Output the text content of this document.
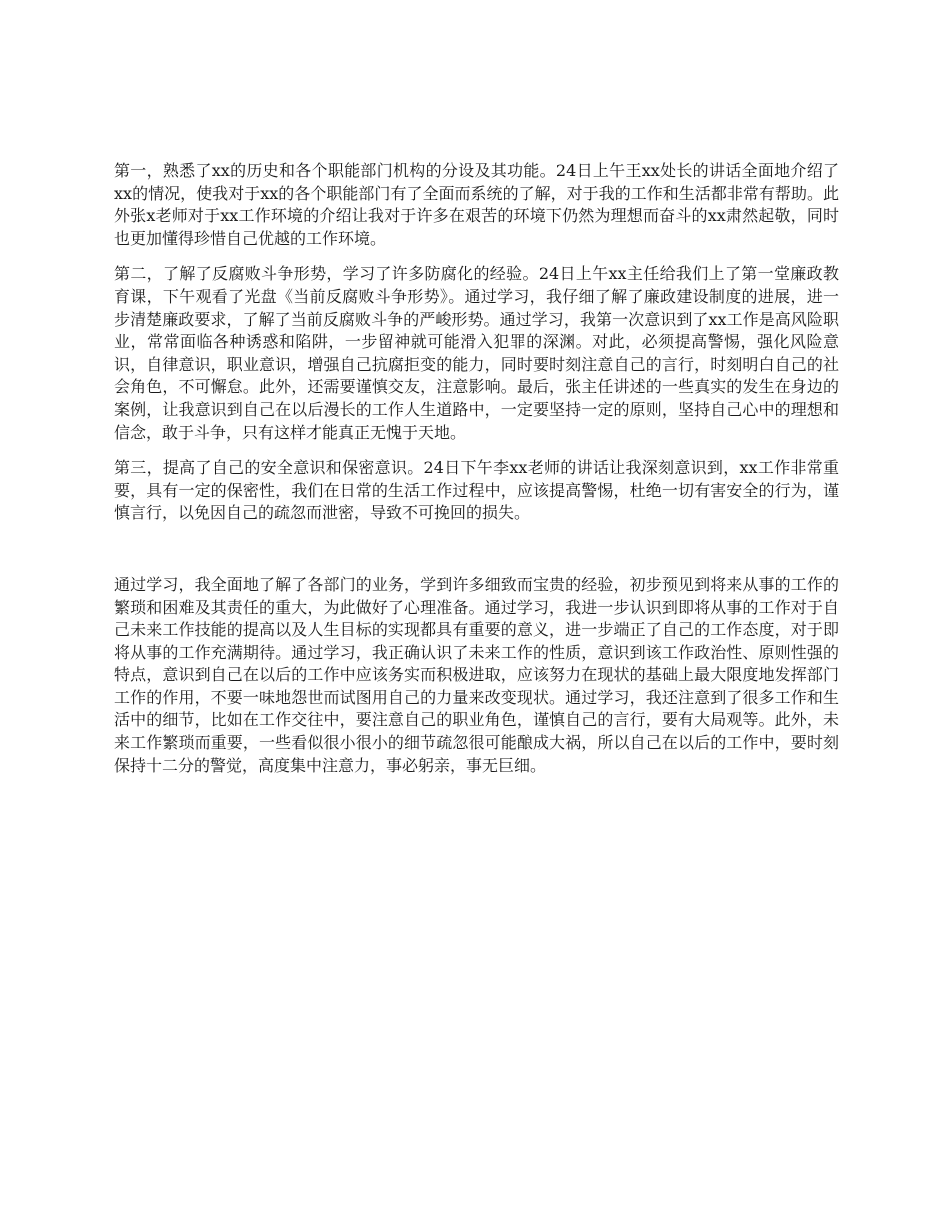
第一，熟悉了xx的历史和各个职能部门机构的分设及其功能。24日上午王xx处长的讲话全面地介绍了xx的情况，使我对于xx的各个职能部门有了全面而系统的了解，对于我的工作和生活都非常有帮助。此外张x老师对于xx工作环境的介绍让我对于许多在艰苦的环境下仍然为理想而奋斗的xx肃然起敬，同时也更加懂得珍惜自己优越的工作环境。

第二，了解了反腐败斗争形势，学习了许多防腐化的经验。24日上午xx主任给我们上了第一堂廉政教育课，下午观看了光盘《当前反腐败斗争形势》。通过学习，我仔细了解了廉政建设制度的进展，进一步清楚廉政要求，了解了当前反腐败斗争的严峻形势。通过学习，我第一次意识到了xx工作是高风险职业，常常面临各种诱惑和陷阱，一步留神就可能滑入犯罪的深渊。对此，必须提高警惕，强化风险意识，自律意识，职业意识，增强自己抗腐拒变的能力，同时要时刻注意自己的言行，时刻明白自己的社会角色，不可懈怠。此外，还需要谨慎交友，注意影响。最后，张主任讲述的一些真实的发生在身边的案例，让我意识到自己在以后漫长的工作人生道路中，一定要坚持一定的原则，坚持自己心中的理想和信念，敢于斗争，只有这样才能真正无愧于天地。

第三，提高了自己的安全意识和保密意识。24日下午李xx老师的讲话让我深刻意识到，xx工作非常重要，具有一定的保密性，我们在日常的生活工作过程中，应该提高警惕，杜绝一切有害安全的行为，谨慎言行，以免因自己的疏忽而泄密，导致不可挽回的损失。

通过学习，我全面地了解了各部门的业务，学到许多细致而宝贵的经验，初步预见到将来从事的工作的繁琐和困难及其责任的重大，为此做好了心理准备。通过学习，我进一步认识到即将从事的工作对于自己未来工作技能的提高以及人生目标的实现都具有重要的意义，进一步端正了自己的工作态度，对于即将从事的工作充满期待。通过学习，我正确认识了未来工作的性质，意识到该工作政治性、原则性强的特点，意识到自己在以后的工作中应该务实而积极进取，应该努力在现状的基础上最大限度地发挥部门工作的作用，不要一味地怨世而试图用自己的力量来改变现状。通过学习，我还注意到了很多工作和生活中的细节，比如在工作交往中，要注意自己的职业角色，谨慎自己的言行，要有大局观等。此外，未来工作繁琐而重要，一些看似很小很小的细节疏忽很可能酿成大祸，所以自己在以后的工作中，要时刻保持十二分的警觉，高度集中注意力，事必躬亲，事无巨细。
